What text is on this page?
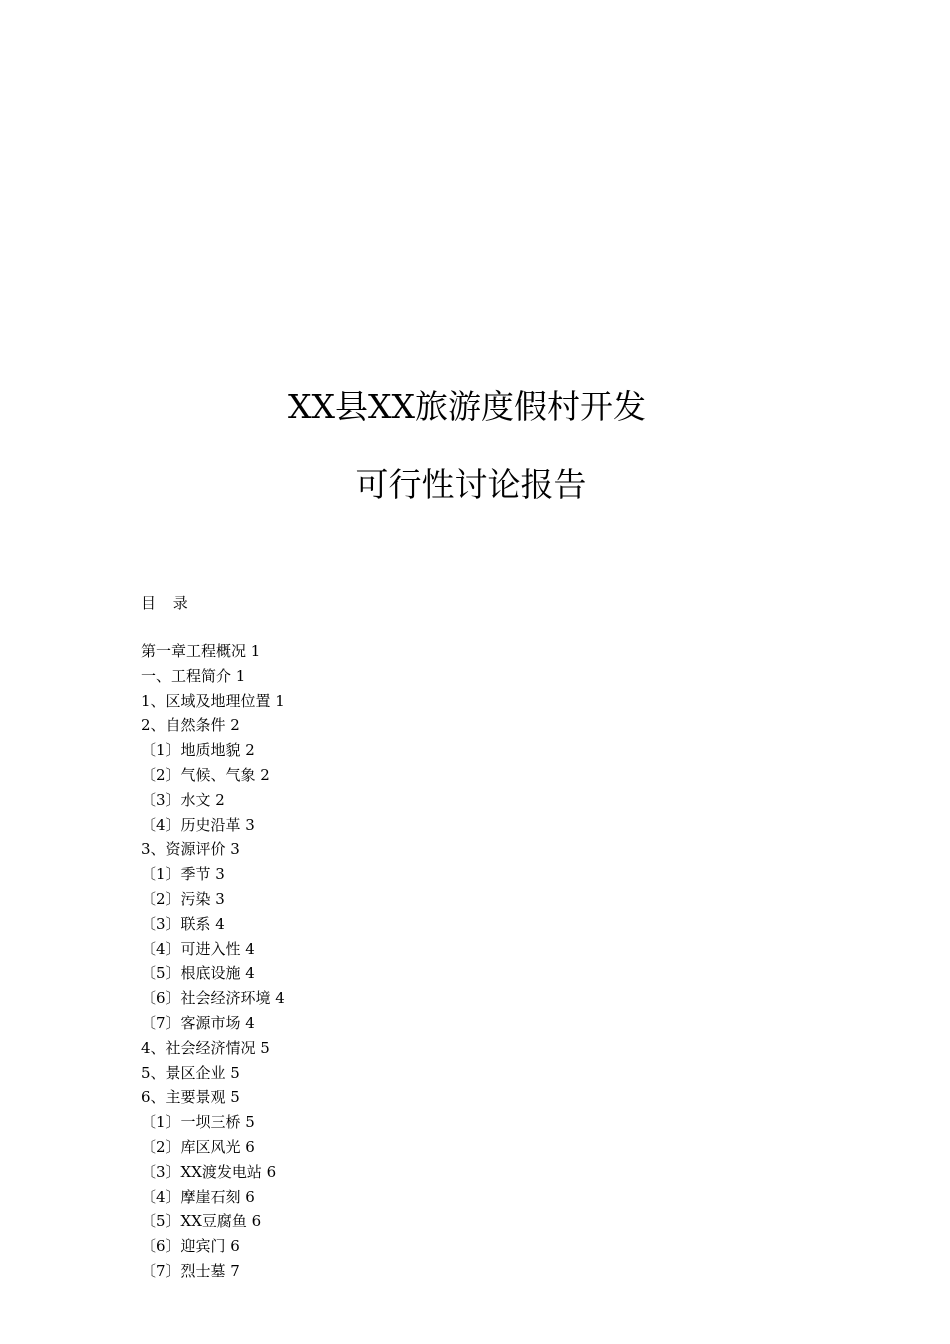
XX县XX旅游度假村开发
可行性讨论报告
目 录
第一章工程概况 1
一、工程简介 1
1、区域及地理位置 1
2、自然条件 2
〔1〕地质地貌 2
〔2〕气候、气象 2
〔3〕水文 2
〔4〕历史沿革 3
3、资源评价 3
〔1〕季节 3
〔2〕污染 3
〔3〕联系 4
〔4〕可进入性 4
〔5〕根底设施 4
〔6〕社会经济环境 4
〔7〕客源市场 4
4、社会经济情况 5
5、景区企业 5
6、主要景观 5
〔1〕一坝三桥 5
〔2〕库区风光 6
〔3〕XX渡发电站 6
〔4〕摩崖石刻 6
〔5〕XX豆腐鱼 6
〔6〕迎宾门 6
〔7〕烈士墓 7
